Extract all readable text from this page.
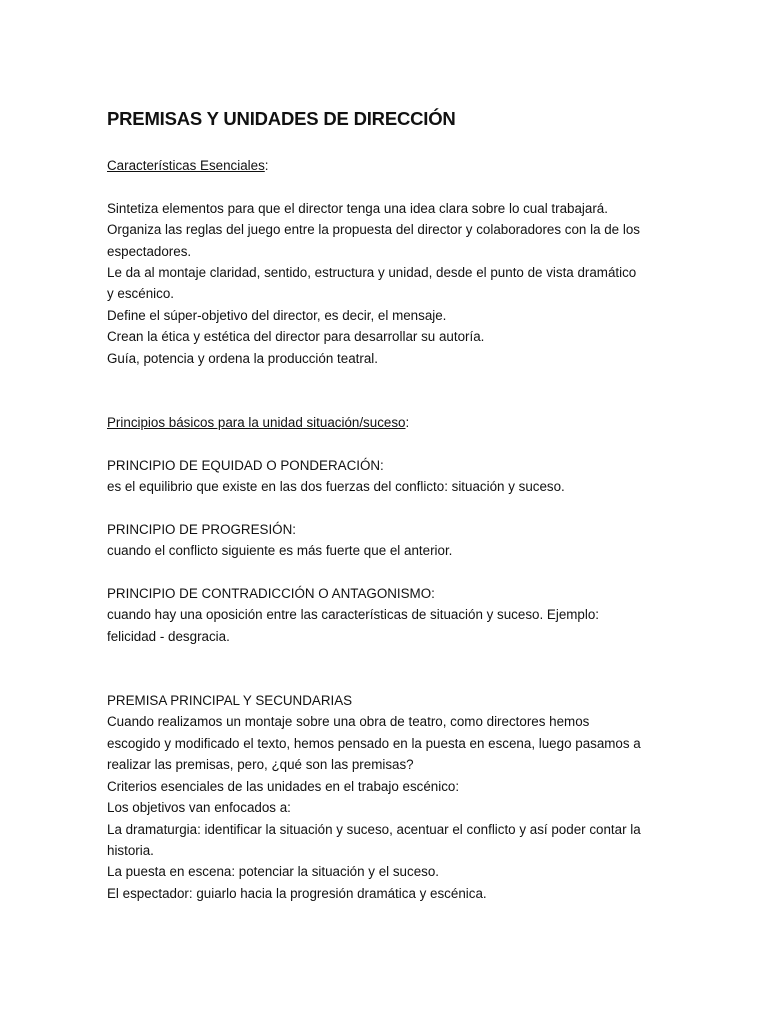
PREMISAS Y UNIDADES DE DIRECCIÓN

Características Esenciales:

Sintetiza elementos para que el director tenga una idea clara sobre lo cual trabajará.

Organiza las reglas del juego entre la propuesta del director y colaboradores con la de los

espectadores.

Le da al montaje claridad, sentido, estructura y unidad, desde el punto de vista dramático

y escénico.

Define el súper-objetivo del director, es decir, el mensaje.

Crean la ética y estética del director para desarrollar su autoría.

Guía, potencia y ordena la producción teatral.

Principios básicos para la unidad situación/suceso:

PRINCIPIO DE EQUIDAD O PONDERACIÓN:

es el equilibrio que existe en las dos fuerzas del conflicto: situación y suceso.

PRINCIPIO DE PROGRESIÓN:

cuando el conflicto siguiente es más fuerte que el anterior.

PRINCIPIO DE CONTRADICCIÓN O ANTAGONISMO:

cuando hay una oposición entre las características de situación y suceso. Ejemplo:

felicidad - desgracia.

PREMISA PRINCIPAL Y SECUNDARIAS

Cuando realizamos un montaje sobre una obra de teatro, como directores hemos

escogido y modificado el texto, hemos pensado en la puesta en escena, luego pasamos a

realizar las premisas, pero, ¿qué son las premisas?

Criterios esenciales de las unidades en el trabajo escénico:

Los objetivos van enfocados a:

La dramaturgia: identificar la situación y suceso, acentuar el conflicto y así poder contar la

historia.

La puesta en escena: potenciar la situación y el suceso.

El espectador: guiarlo hacia la progresión dramática y escénica.
